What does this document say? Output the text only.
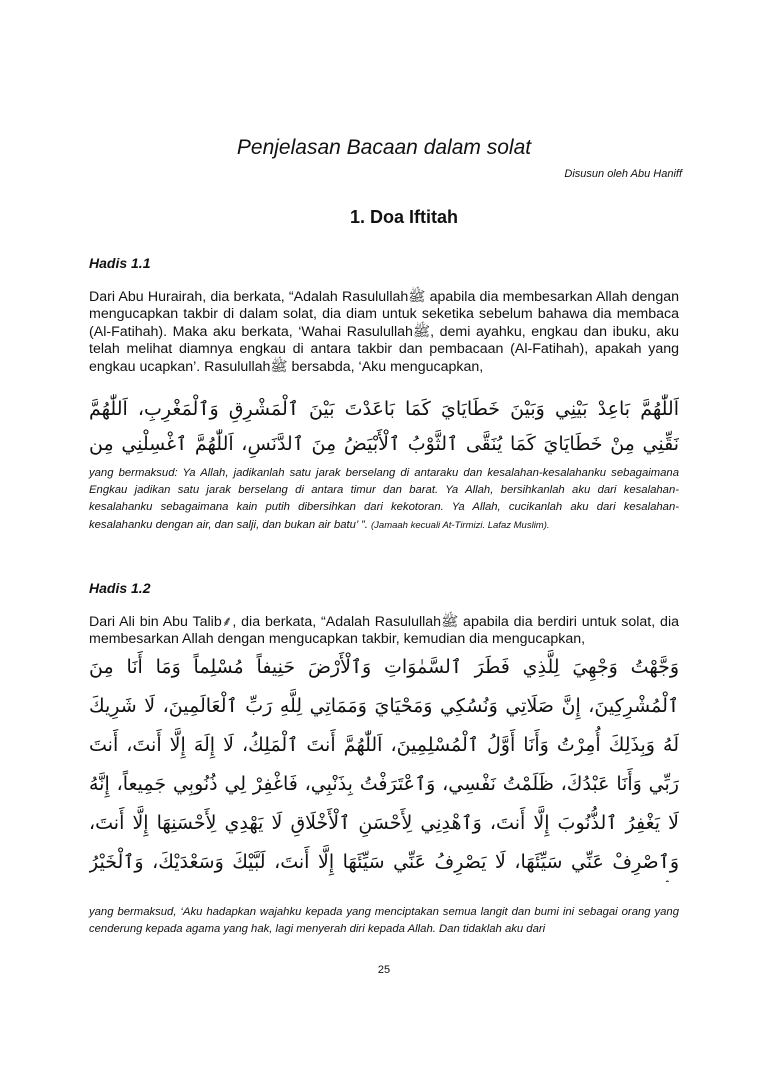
Penjelasan Bacaan dalam solat
Disusun oleh Abu Haniff
1. Doa Iftitah
Hadis 1.1
Dari Abu Hurairah, dia berkata, “Adalah Rasulullahﷺ apabila dia membesarkan Allah dengan mengucapkan takbir di dalam solat, dia diam untuk seketika sebelum bahawa dia membaca (Al-Fatihah). Maka aku berkata, ‘Wahai Rasulullahﷺ, demi ayahku, engkau dan ibuku, aku telah melihat diamnya engkau di antara takbir dan pembacaan (Al-Fatihah), apakah yang engkau ucapkan’. Rasulullahﷺ bersabda, ‘Aku mengucapkan,
اَللّٰهُمَّ بَاعِدْ بَيْنِي وَبَيْنَ خَطَايَايَ كَمَا بَاعَدْتَ بَيْنَ ٱلْمَشْرِقِ وَٱلْمَغْرِبِ، اَللّٰهُمَّ نَقِّنِي مِنْ خَطَايَايَ كَمَا يُنَقَّى ٱلثَّوْبُ ٱلْأَبْيَضُ مِنَ ٱلدَّنَسِ، اَللّٰهُمَّ ٱغْسِلْنِي مِن
yang bermaksud: Ya Allah, jadikanlah satu jarak berselang di antaraku dan kesalahan-kesalahanku sebagaimana Engkau jadikan satu jarak berselang di antara timur dan barat. Ya Allah, bersihkanlah aku dari kesalahan-kesalahanku sebagaimana kain putih dibersihkan dari kekotoran. Ya Allah, cucikanlah aku dari kesalahan-kesalahanku dengan air, dan salji, dan bukan air batu’ ”. (Jamaah kecuali At-Tirmizi. Lafaz Muslim).
Hadis 1.2
Dari Ali bin Abu Talib⸙, dia berkata, “Adalah Rasulullahﷺ apabila dia berdiri untuk solat, dia membesarkan Allah dengan mengucapkan takbir, kemudian dia mengucapkan,
وَجَّهْتُ وَجْهِيَ لِلَّذِي فَطَرَ ٱلسَّمٰوَاتِ وَٱلْأَرْضَ حَنِيفاً مُسْلِماً وَمَا أَنَا مِنَ ٱلْمُشْرِكِينَ، إِنَّ صَلَاتِي وَنُسُكِي وَمَحْيَايَ وَمَمَاتِي لِلَّهِ رَبِّ ٱلْعَالَمِينَ، لَا شَرِيكَ لَهُ وَبِذَلِكَ أُمِرْتُ وَأَنَا أَوَّلُ ٱلْمُسْلِمِينَ، اَللّٰهُمَّ أَنتَ ٱلْمَلِكُ، لَا إِلَهَ إِلَّا أَنتَ، أَنتَ رَبِّي وَأَنَا عَبْدُكَ، ظَلَمْتُ نَفْسِي، وَٱعْتَرَفْتُ بِذَنْبِي، فَاغْفِرْ لِي ذُنُوبِي جَمِيعاً، إِنَّهُ لَا يَغْفِرُ ٱلذُّنُوبَ إِلَّا أَنتَ، وَٱهْدِنِي لِأَحْسَنِ ٱلْأَخْلَاقِ لَا يَهْدِي لِأَحْسَنِهَا إِلَّا أَنتَ، وَٱصْرِفْ عَنِّي سَيِّئَهَا، لَا يَصْرِفُ عَنِّي سَيِّئَهَا إِلَّا أَنتَ، لَبَّيْكَ وَسَعْدَيْكَ، وَٱلْخَيْرُ
yang bermaksud, ‘Aku hadapkan wajahku kepada yang menciptakan semua langit dan bumi ini sebagai orang yang cenderung kepada agama yang hak, lagi menyerah diri kepada Allah. Dan tidaklah aku dari
25
